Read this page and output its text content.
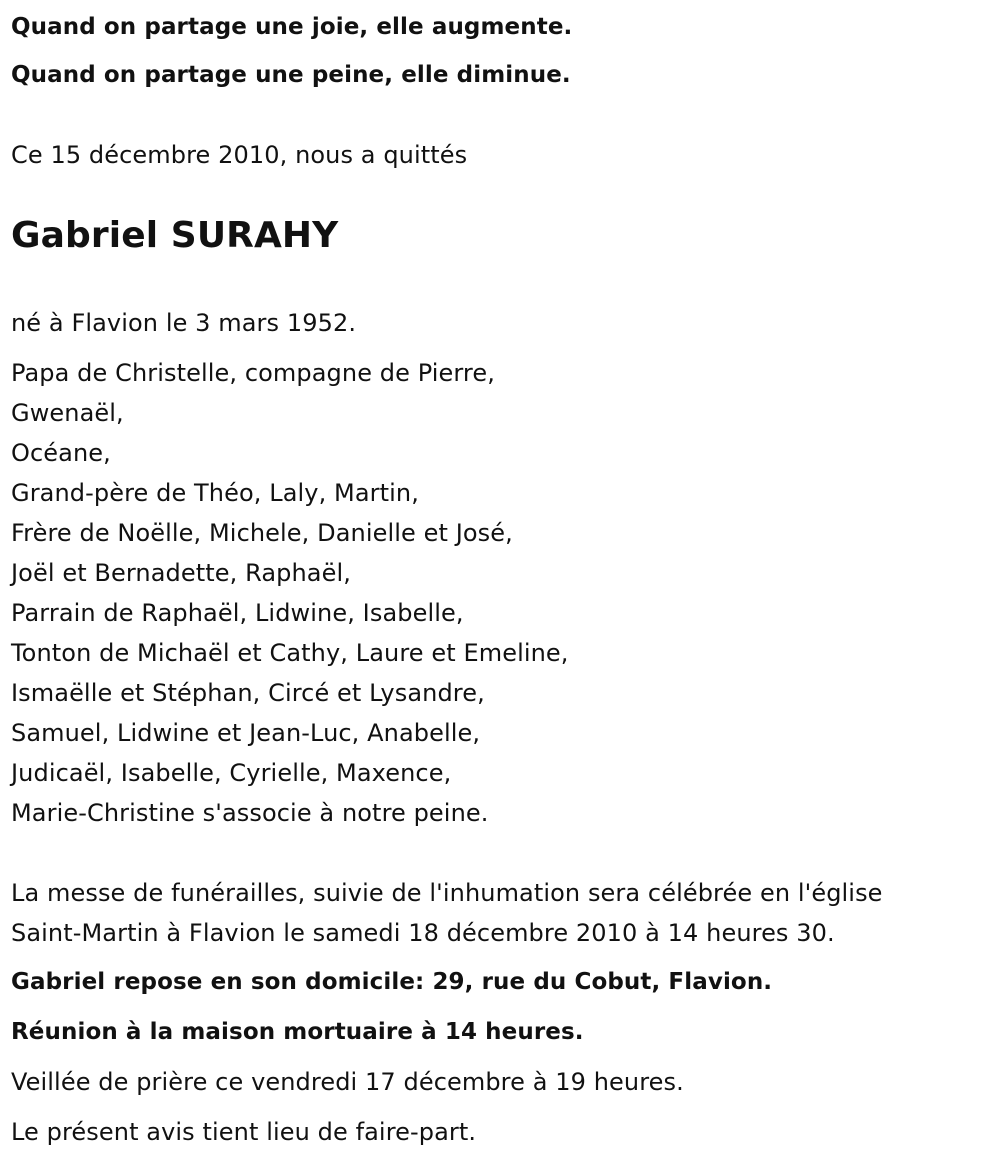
Quand on partage une joie, elle augmente.
Quand on partage une peine, elle diminue.
Ce 15 décembre 2010, nous a quittés
Gabriel SURAHY
né à Flavion le 3 mars 1952.
Papa de Christelle, compagne de Pierre,
Gwenaël,
Océane,
Grand-père de Théo, Laly, Martin,
Frère de Noëlle, Michele, Danielle et José,
Joël et Bernadette, Raphaël,
Parrain de Raphaël, Lidwine, Isabelle,
Tonton de Michaël et Cathy, Laure et Emeline,
Ismaëlle et Stéphan, Circé et Lysandre,
Samuel, Lidwine et Jean-Luc, Anabelle,
Judicaël, Isabelle, Cyrielle, Maxence,
Marie-Christine s'associe à notre peine.
La messe de funérailles, suivie de l'inhumation sera célébrée en l'église
Saint-Martin à Flavion le samedi 18 décembre 2010 à 14 heures 30.
Gabriel repose en son domicile: 29, rue du Cobut, Flavion.
Réunion à la maison mortuaire à 14 heures.
Veillée de prière ce vendredi 17 décembre à 19 heures.
Le présent avis tient lieu de faire-part.
